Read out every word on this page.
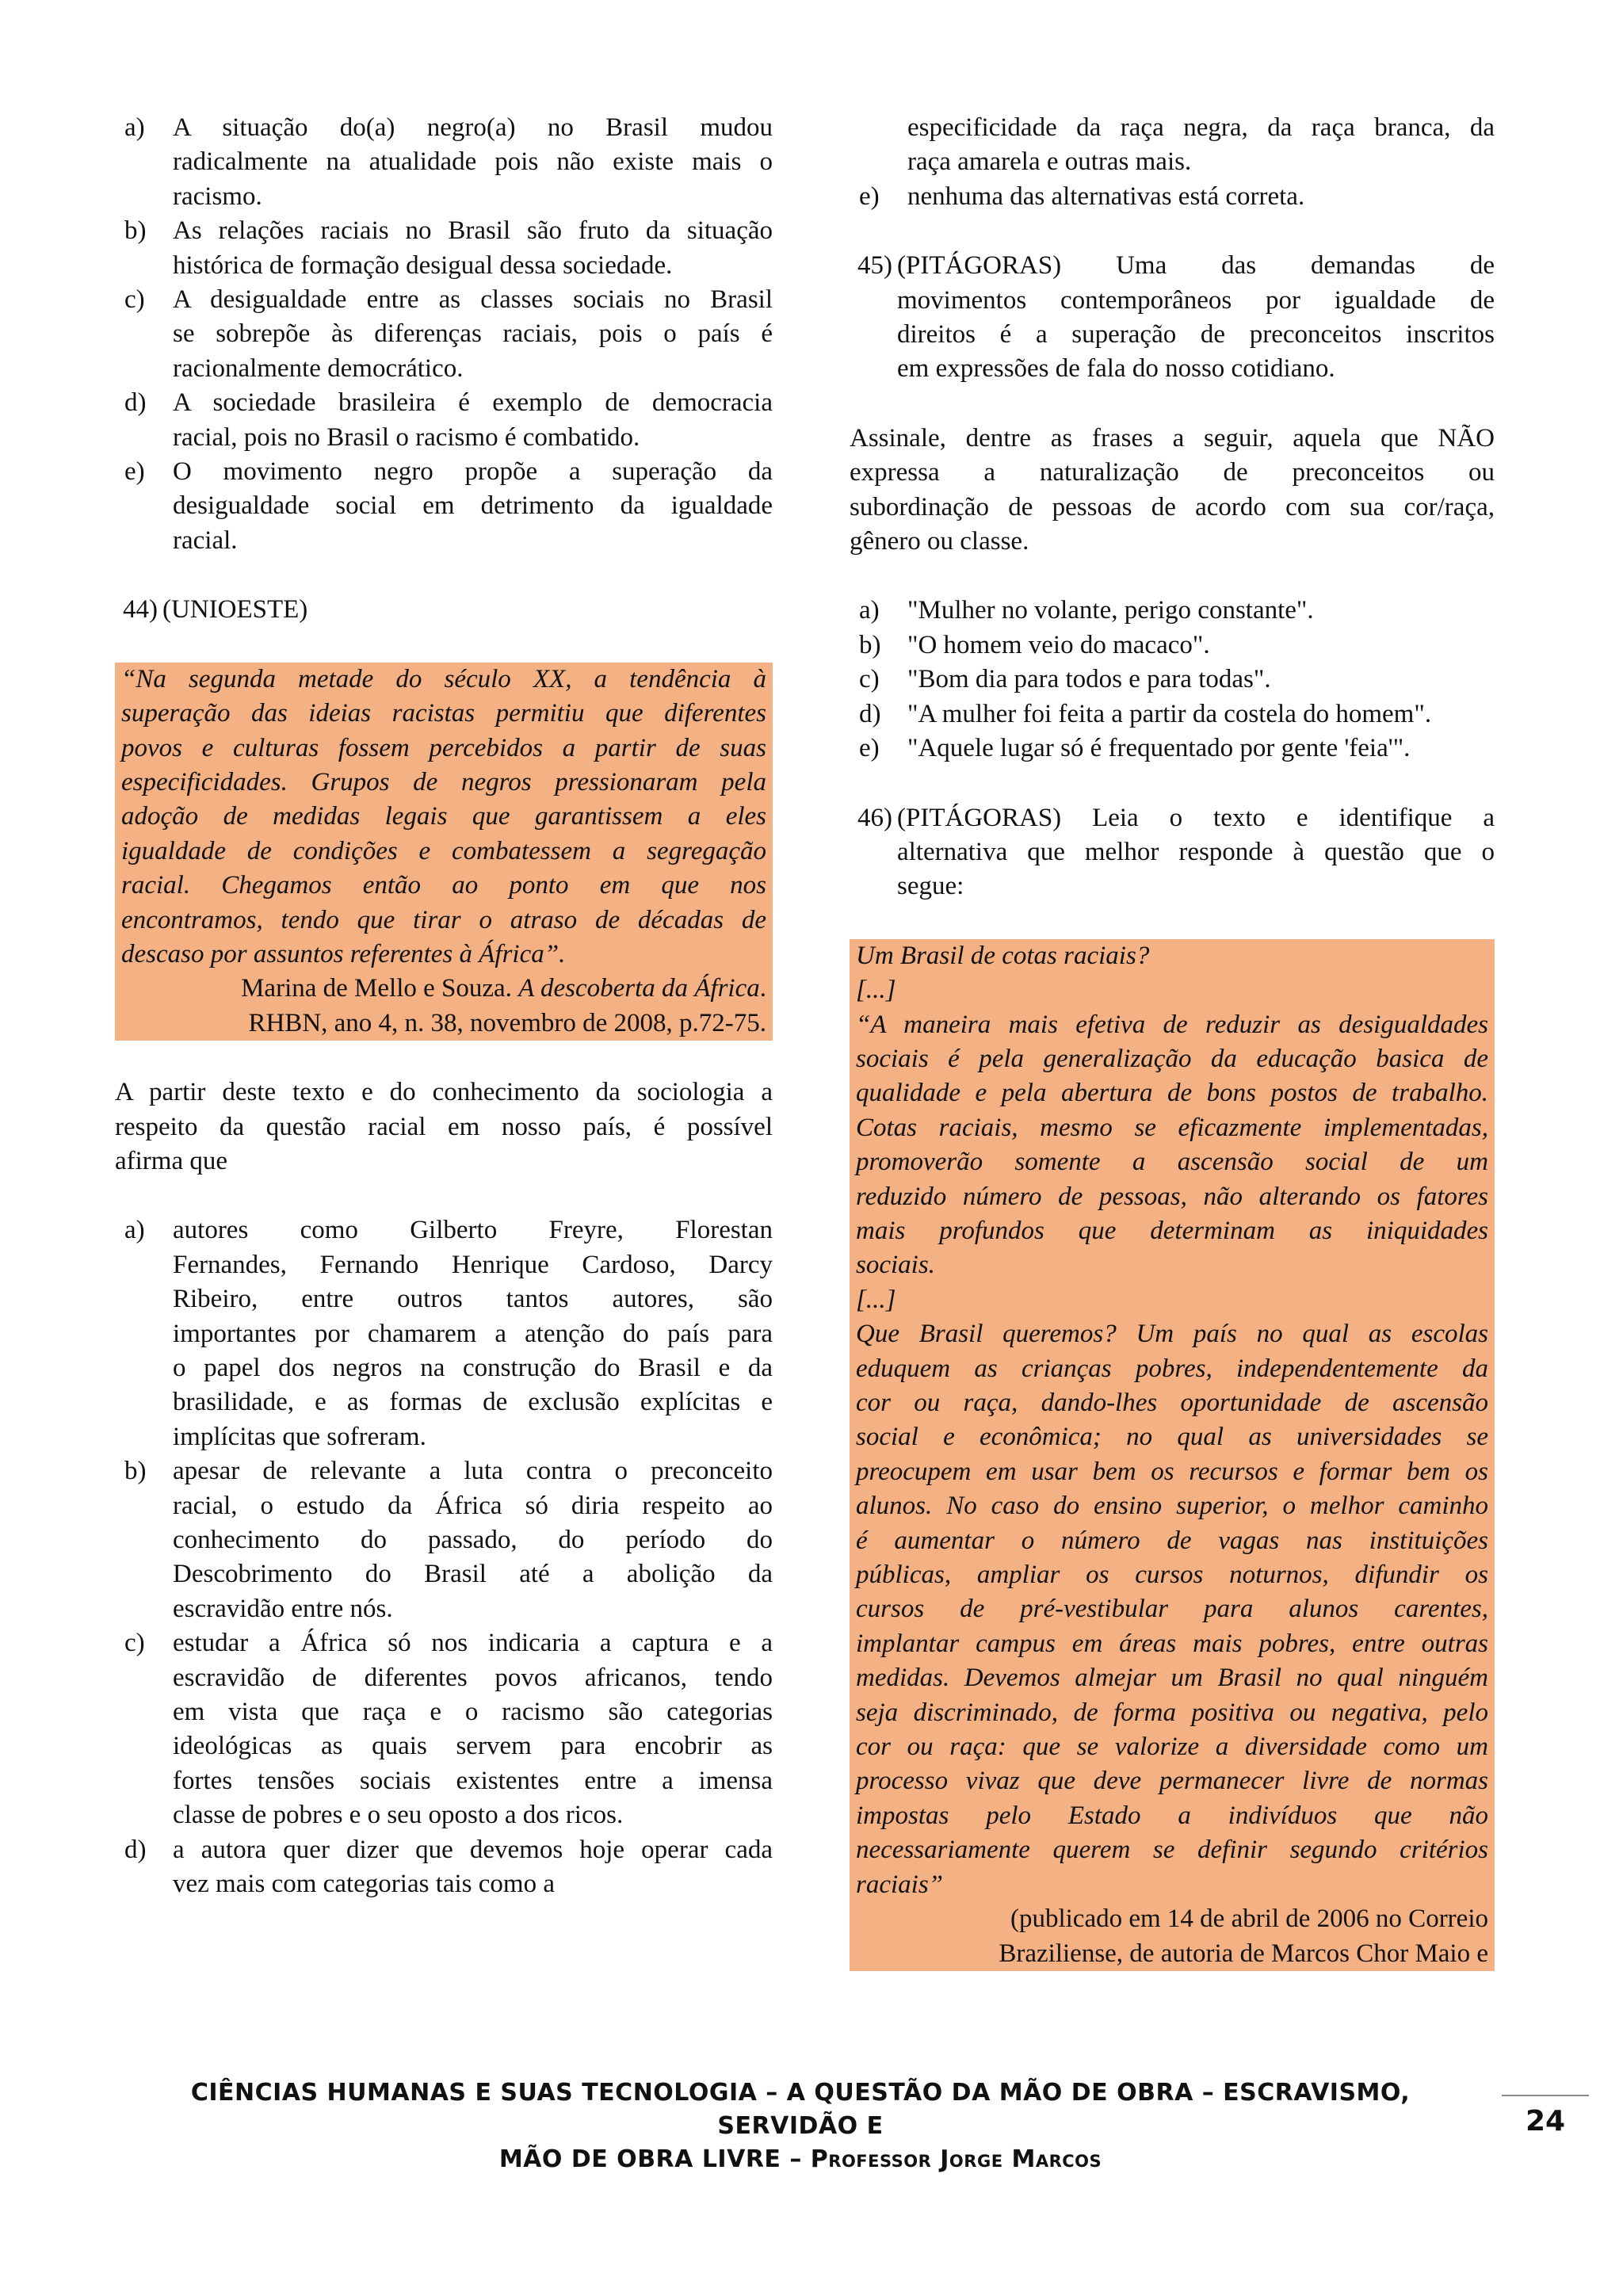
a) A situação do(a) negro(a) no Brasil mudou
radicalmente na atualidade pois não existe mais o
racismo.
b) As relações raciais no Brasil são fruto da situação
histórica de formação desigual dessa sociedade.
c) A desigualdade entre as classes sociais no Brasil
se sobrepõe às diferenças raciais, pois o país é
racionalmente democrático.
d) A sociedade brasileira é exemplo de democracia
racial, pois no Brasil o racismo é combatido.
e) O movimento negro propõe a superação da
desigualdade social em detrimento da igualdade
racial.
44) (UNIOESTE)
“Na segunda metade do século XX, a tendência à
superação das ideias racistas permitiu que diferentes
povos e culturas fossem percebidos a partir de suas
especificidades. Grupos de negros pressionaram pela
adoção de medidas legais que garantissem a eles
igualdade de condições e combatessem a segregação
racial. Chegamos então ao ponto em que nos
encontramos, tendo que tirar o atraso de décadas de
descaso por assuntos referentes à África”.
Marina de Mello e Souza. A descoberta da África.
RHBN, ano 4, n. 38, novembro de 2008, p.72-75.
A partir deste texto e do conhecimento da sociologia a
respeito da questão racial em nosso país, é possível
afirma que
a) autores como Gilberto Freyre, Florestan
Fernandes, Fernando Henrique Cardoso, Darcy
Ribeiro, entre outros tantos autores, são
importantes por chamarem a atenção do país para
o papel dos negros na construção do Brasil e da
brasilidade, e as formas de exclusão explícitas e
implícitas que sofreram.
b) apesar de relevante a luta contra o preconceito
racial, o estudo da África só diria respeito ao
conhecimento do passado, do período do
Descobrimento do Brasil até a abolição da
escravidão entre nós.
c) estudar a África só nos indicaria a captura e a
escravidão de diferentes povos africanos, tendo
em vista que raça e o racismo são categorias
ideológicas as quais servem para encobrir as
fortes tensões sociais existentes entre a imensa
classe de pobres e o seu oposto a dos ricos.
d) a autora quer dizer que devemos hoje operar cada
vez mais com categorias tais como a
especificidade da raça negra, da raça branca, da
raça amarela e outras mais.
e) nenhuma das alternativas está correta.
45) (PITÁGORAS) Uma das demandas de
movimentos contemporâneos por igualdade de
direitos é a superação de preconceitos inscritos
em expressões de fala do nosso cotidiano.
Assinale, dentre as frases a seguir, aquela que NÃO
expressa a naturalização de preconceitos ou
subordinação de pessoas de acordo com sua cor/raça,
gênero ou classe.
a) "Mulher no volante, perigo constante".
b) "O homem veio do macaco".
c) "Bom dia para todos e para todas".
d) "A mulher foi feita a partir da costela do homem".
e) "Aquele lugar só é frequentado por gente 'feia'".
46) (PITÁGORAS) Leia o texto e identifique a
alternativa que melhor responde à questão que o
segue:
Um Brasil de cotas raciais?
[...]
“A maneira mais efetiva de reduzir as desigualdades
sociais é pela generalização da educação basica de
qualidade e pela abertura de bons postos de trabalho.
Cotas raciais, mesmo se eficazmente implementadas,
promoverão somente a ascensão social de um
reduzido número de pessoas, não alterando os fatores
mais profundos que determinam as iniquidades
sociais.
[...]
Que Brasil queremos? Um país no qual as escolas
eduquem as crianças pobres, independentemente da
cor ou raça, dando-lhes oportunidade de ascensão
social e econômica; no qual as universidades se
preocupem em usar bem os recursos e formar bem os
alunos. No caso do ensino superior, o melhor caminho
é aumentar o número de vagas nas instituições
públicas, ampliar os cursos noturnos, difundir os
cursos de pré-vestibular para alunos carentes,
implantar campus em áreas mais pobres, entre outras
medidas. Devemos almejar um Brasil no qual ninguém
seja discriminado, de forma positiva ou negativa, pelo
cor ou raça: que se valorize a diversidade como um
processo vivaz que deve permanecer livre de normas
impostas pelo Estado a indivíduos que não
necessariamente querem se definir segundo critérios
raciais”
(publicado em 14 de abril de 2006 no Correio
Braziliense, de autoria de Marcos Chor Maio e
CIÊNCIAS HUMANAS E SUAS TECNOLOGIA – A QUESTÃO DA MÃO DE OBRA – ESCRAVISMO, SERVIDÃO E
MÃO DE OBRA LIVRE – Professor Jorge Marcos
24
